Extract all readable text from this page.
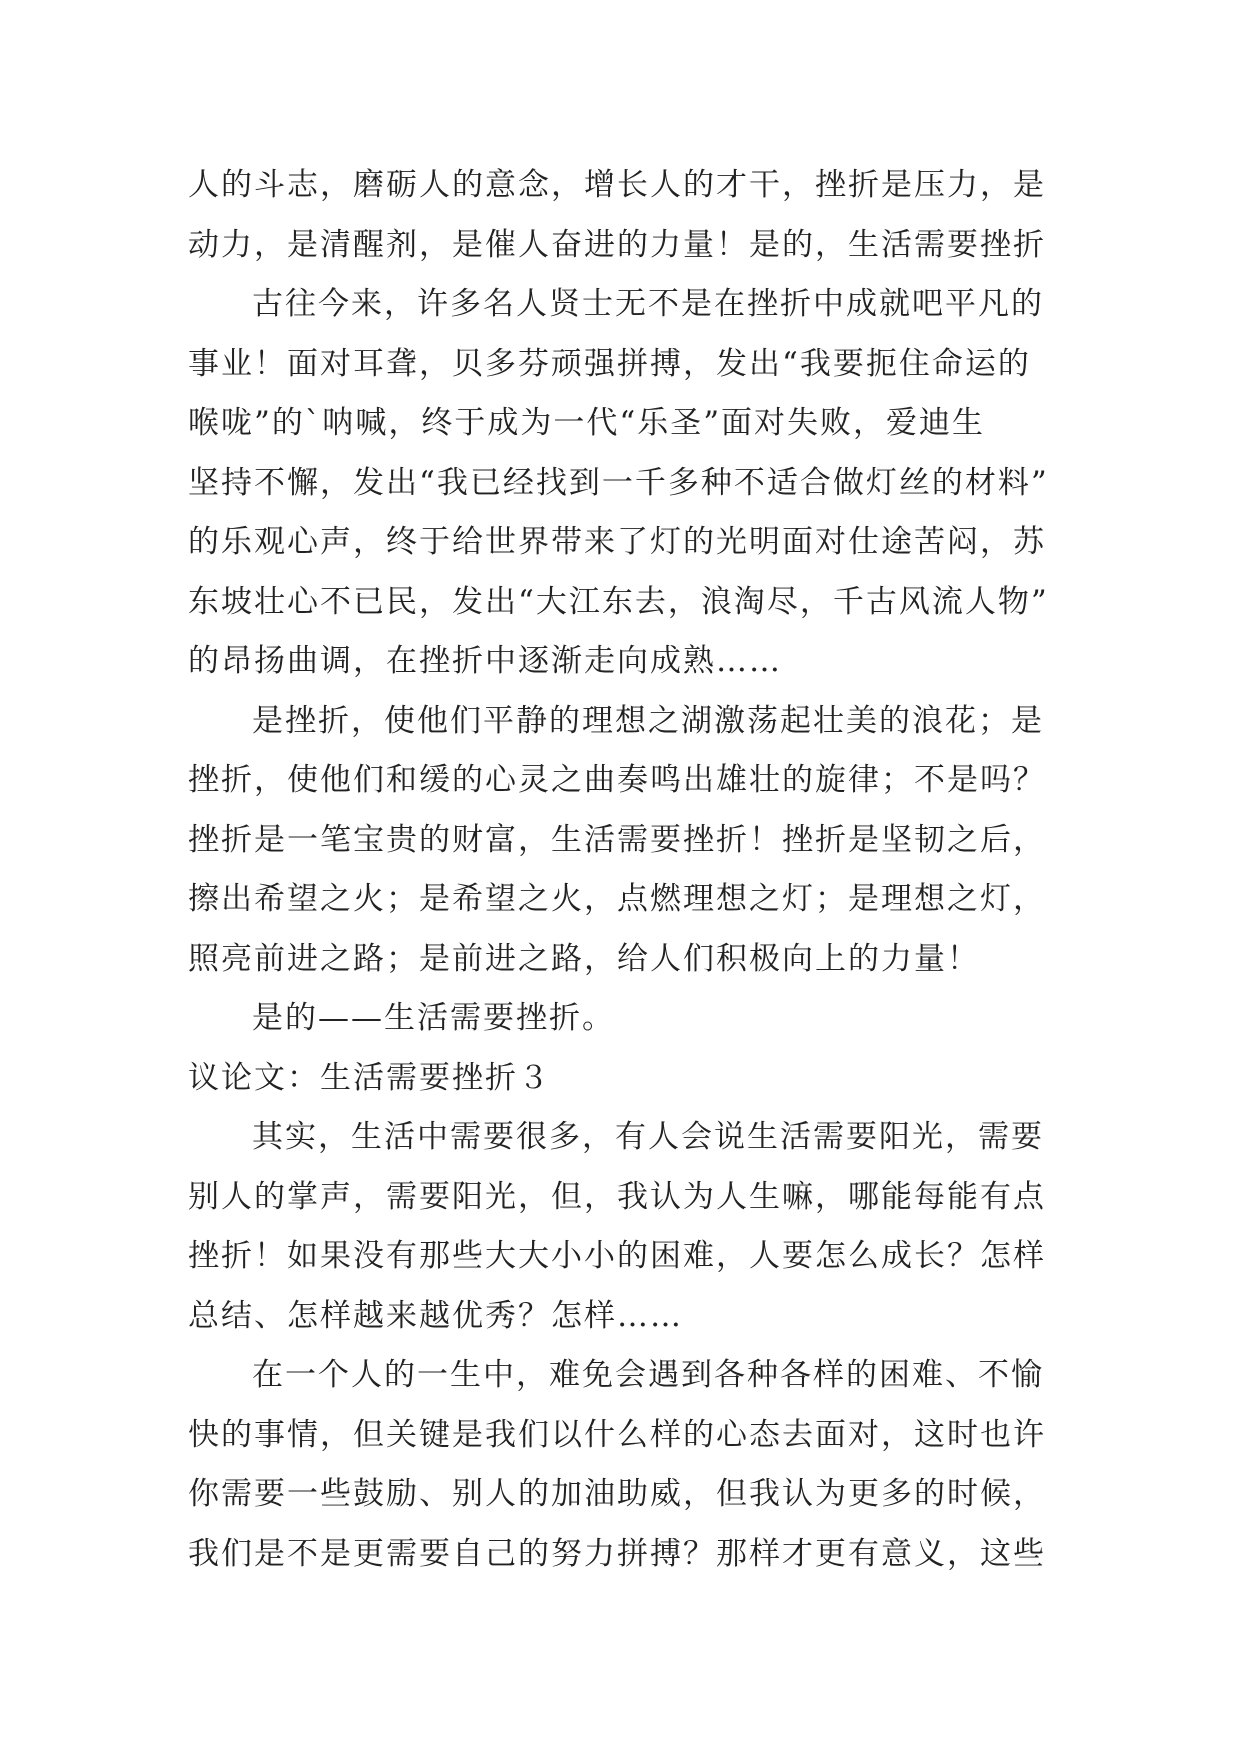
人的斗志，磨砺人的意念，增长人的才干，挫折是压力，是
动力，是清醒剂，是催人奋进的力量！是的，生活需要挫折
古往今来，许多名人贤士无不是在挫折中成就吧平凡的
事业！面对耳聋，贝多芬顽强拼搏，发出“我要扼住命运的
喉咙”的`呐喊，终于成为一代“乐圣”面对失败，爱迪生
坚持不懈，发出“我已经找到一千多种不适合做灯丝的材料”
的乐观心声，终于给世界带来了灯的光明面对仕途苦闷，苏
东坡壮心不已民，发出“大江东去，浪淘尽，千古风流人物”
的昂扬曲调，在挫折中逐渐走向成熟……
是挫折，使他们平静的理想之湖激荡起壮美的浪花；是
挫折，使他们和缓的心灵之曲奏鸣出雄壮的旋律；不是吗？
挫折是一笔宝贵的财富，生活需要挫折！挫折是坚韧之后，
擦出希望之火；是希望之火，点燃理想之灯；是理想之灯，
照亮前进之路；是前进之路，给人们积极向上的力量！
是的——生活需要挫折。
议论文：生活需要挫折３
其实，生活中需要很多，有人会说生活需要阳光，需要
别人的掌声，需要阳光，但，我认为人生嘛，哪能每能有点
挫折！如果没有那些大大小小的困难，人要怎么成长？怎样
总结、怎样越来越优秀？怎样……
在一个人的一生中，难免会遇到各种各样的困难、不愉
快的事情，但关键是我们以什么样的心态去面对，这时也许
你需要一些鼓励、别人的加油助威，但我认为更多的时候，
我们是不是更需要自己的努力拼搏？那样才更有意义，这些
